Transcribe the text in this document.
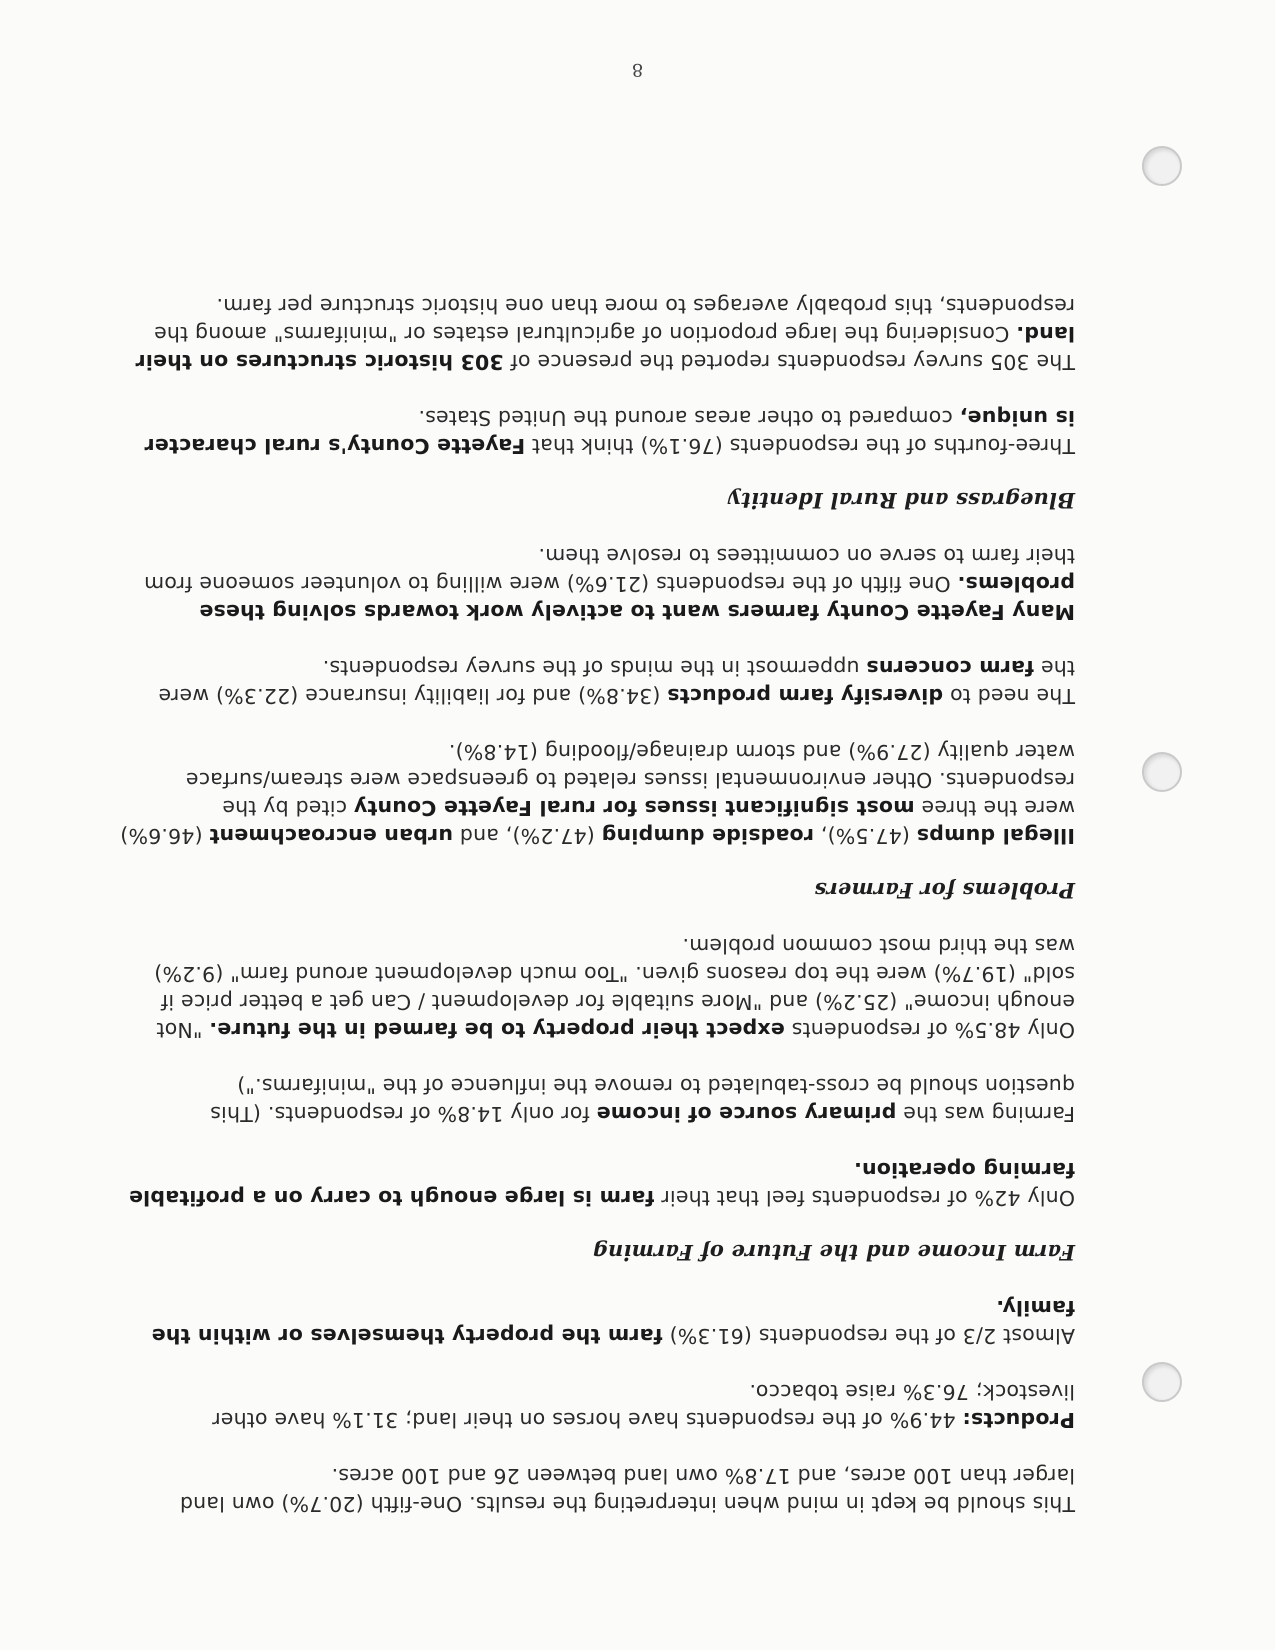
This should be kept in mind when interpreting the results. One-fifth (20.7%) own land larger than 100 acres, and 17.8% own land between 26 and 100 acres.

Products: 44.9% of the respondents have horses on their land; 31.1% have other livestock; 76.3% raise tobacco.

Almost 2/3 of the respondents (61.3%) farm the property themselves or within the family.

Farm Income and the Future of Farming

Only 42% of respondents feel that their farm is large enough to carry on a profitable farming operation.

Farming was the primary source of income for only 14.8% of respondents. (This question should be cross-tabulated to remove the influence of the "minifarms.")

Only 48.5% of respondents expect their property to be farmed in the future. "Not enough income" (25.2%) and "More suitable for development / Can get a better price if sold" (19.7%) were the top reasons given. "Too much development around farm" (9.2%) was the third most common problem.

Problems for Farmers

Illegal dumps (47.5%), roadside dumping (47.2%), and urban encroachment (46.6%) were the three most significant issues for rural Fayette County cited by the respondents. Other environmental issues related to greenspace were stream/surface water quality (27.9%) and storm drainage/flooding (14.8%).

The need to diversify farm products (34.8%) and for liability insurance (22.3%) were the farm concerns uppermost in the minds of the survey respondents.

Many Fayette County farmers want to actively work towards solving these problems. One fifth of the respondents (21.6%) were willing to volunteer someone from their farm to serve on committees to resolve them.

Bluegrass and Rural Identity

Three-fourths of the respondents (76.1%) think that Fayette County's rural character is unique, compared to other areas around the United States.

The 305 survey respondents reported the presence of 303 historic structures on their land. Considering the large proportion of agricultural estates or "minifarms" among the respondents, this probably averages to more than one historic structure per farm.

8
